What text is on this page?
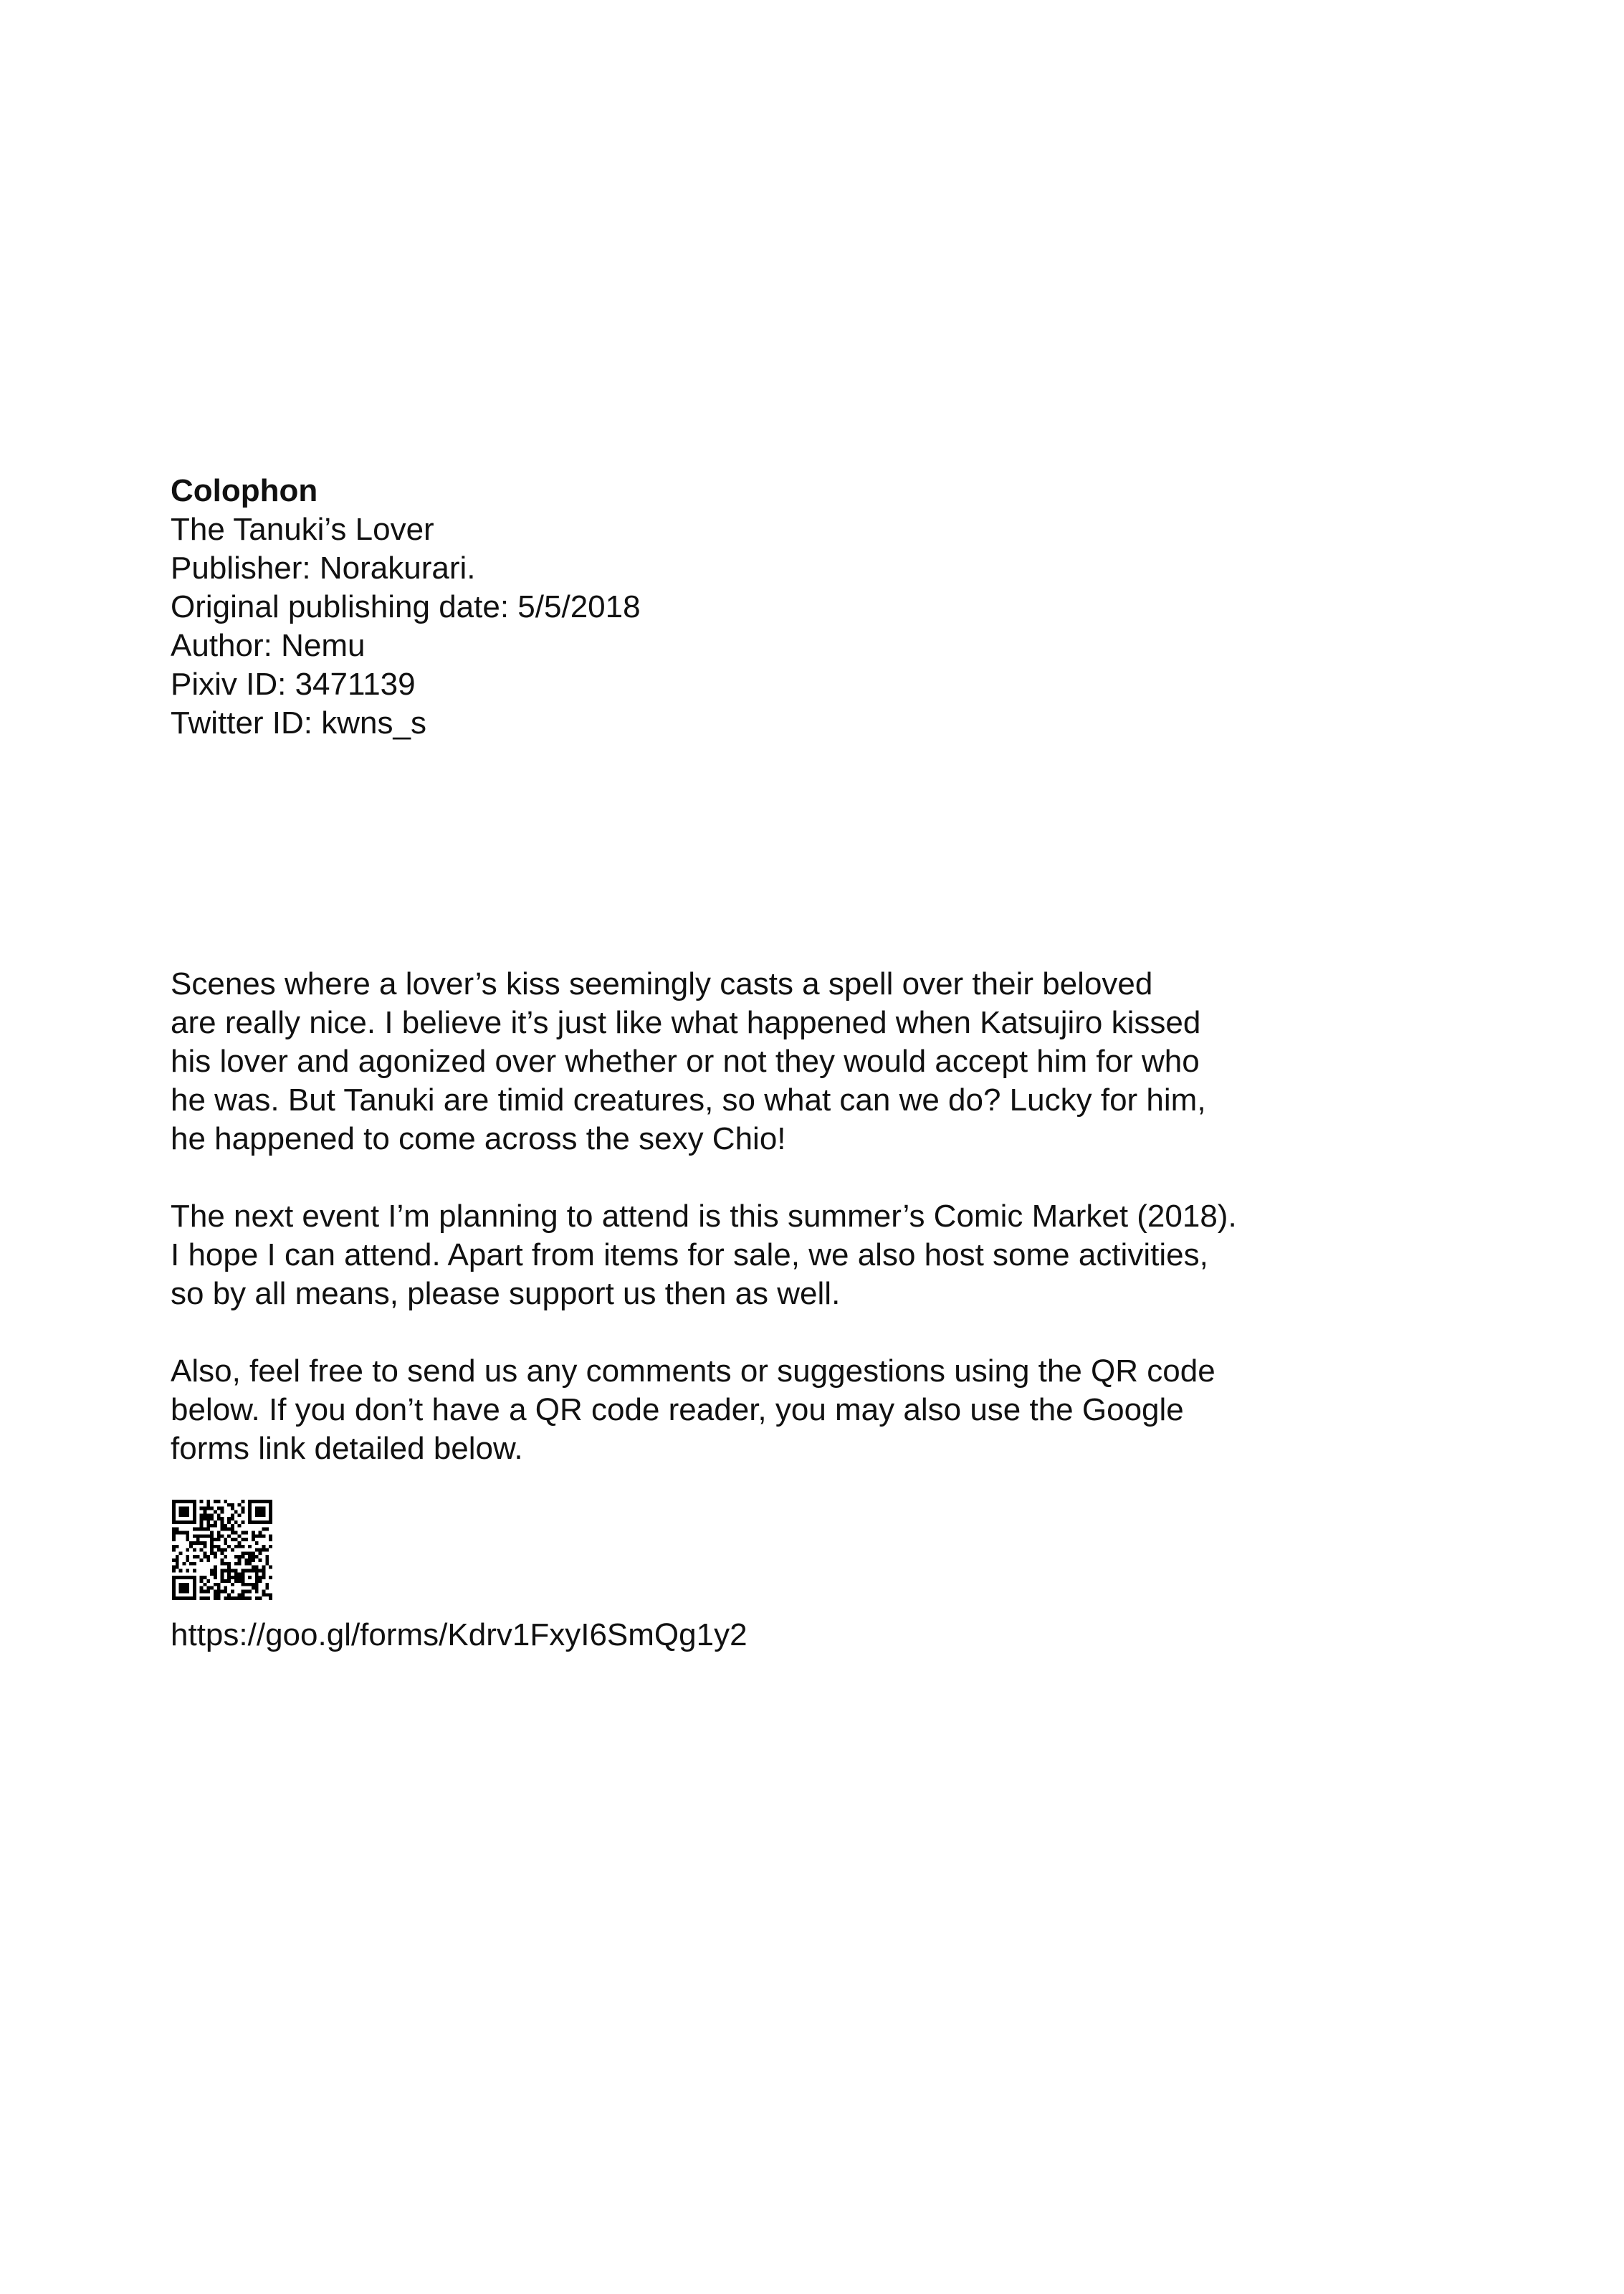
Colophon
The Tanuki’s Lover
Publisher: Norakurari.
Original publishing date: 5/5/2018
Author: Nemu
Pixiv ID: 3471139
Twitter ID: kwns_s

Scenes where a lover’s kiss seemingly casts a spell over their beloved
are really nice. I believe it’s just like what happened when Katsujiro kissed
his lover and agonized over whether or not they would accept him for who
he was. But Tanuki are timid creatures, so what can we do? Lucky for him,
he happened to come across the sexy Chio!

The next event I’m planning to attend is this summer’s Comic Market (2018).
I hope I can attend. Apart from items for sale, we also host some activities,
so by all means, please support us then as well.

Also, feel free to send us any comments or suggestions using the QR code
below. If you don’t have a QR code reader, you may also use the Google
forms link detailed below.

https://goo.gl/forms/Kdrv1FxyI6SmQg1y2
